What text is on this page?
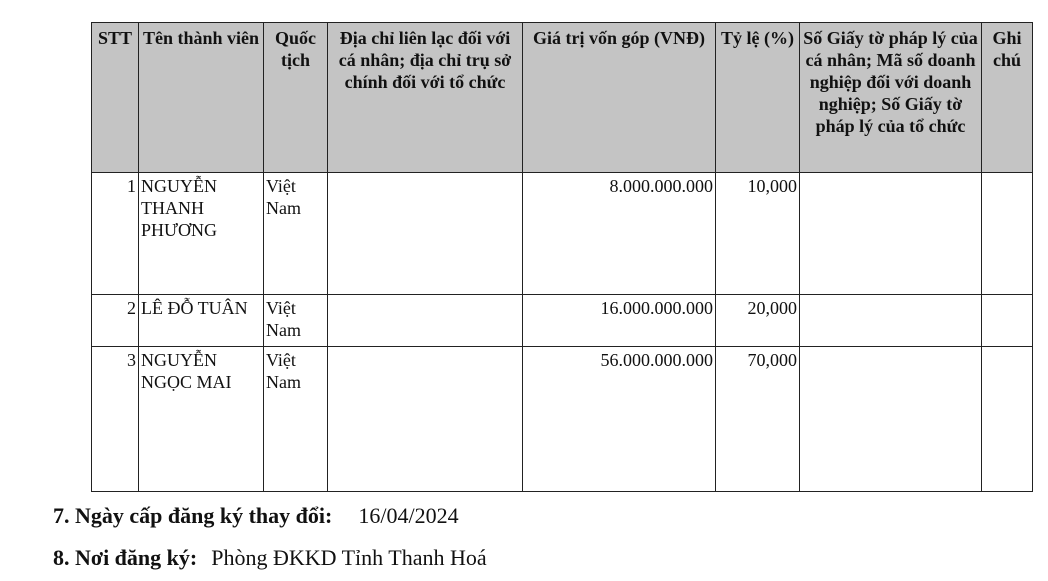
STT	Tên thành viên	Quốc tịch	Địa chỉ liên lạc đối với cá nhân; địa chỉ trụ sở chính đối với tổ chức	Giá trị vốn góp (VNĐ)	Tỷ lệ (%)	Số Giấy tờ pháp lý của cá nhân; Mã số doanh nghiệp đối với doanh nghiệp; Số Giấy tờ pháp lý của tổ chức	Ghi chú
1	NGUYỄN THANH PHƯƠNG	Việt Nam		8.000.000.000	10,000		
2	LÊ ĐỖ TUÂN	Việt Nam		16.000.000.000	20,000		
3	NGUYỄN NGỌC MAI	Việt Nam		56.000.000.000	70,000		
7. Ngày cấp đăng ký thay đổi: 16/04/2024
8. Nơi đăng ký: Phòng ĐKKD Tỉnh Thanh Hoá
